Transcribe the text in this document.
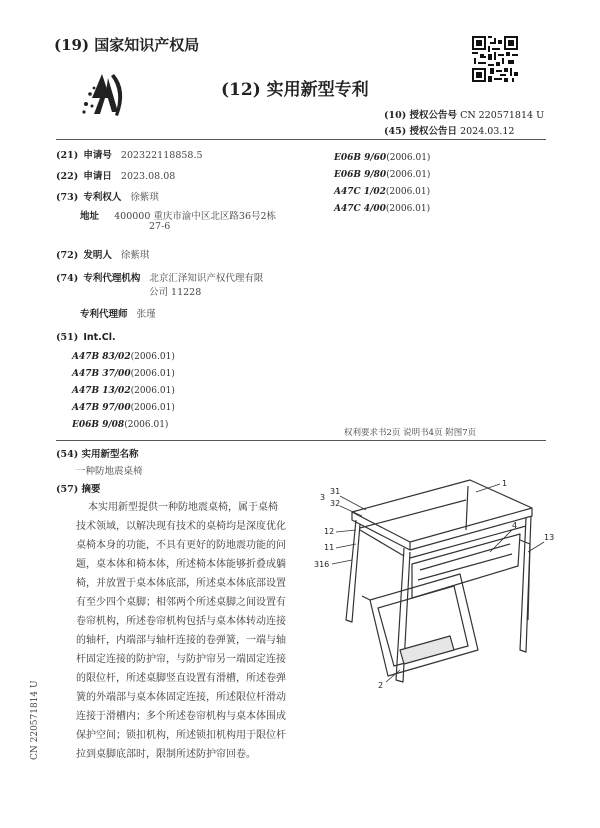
(19) 国家知识产权局
(12) 实用新型专利
(10) 授权公告号 CN 220571814 U
(45) 授权公告日 2024.03.12
(21) 申请号 202322118858.5
(22) 申请日 2023.08.08
(73) 专利权人 徐紫琪
地址 400000 重庆市渝中区北区路36号2栋
27-6
(72) 发明人 徐紫琪
(74) 专利代理机构 北京汇泽知识产权代理有限
公司 11228
专利代理师 张瑾
(51) Int.Cl.
A47B 83/02(2006.01)
A47B 37/00(2006.01)
A47B 13/02(2006.01)
A47B 97/00(2006.01)
E06B 9/08(2006.01)
E06B 9/60(2006.01)
E06B 9/80(2006.01)
A47C 1/02(2006.01)
A47C 4/00(2006.01)
权利要求书2页 说明书4页 附图7页
(54) 实用新型名称
一种防地震桌椅
(57) 摘要
本实用新型提供一种防地震桌椅，属于桌椅
技术领域，以解决现有技术的桌椅均是深度优化
桌椅本身的功能，不具有更好的防地震功能的问
题，桌本体和椅本体，所述椅本体能够折叠成躺
椅，并放置于桌本体底部，所述桌本体底部设置
有至少四个桌脚；相邻两个所述桌脚之间设置有
卷帘机构，所述卷帘机构包括与桌本体转动连接
的轴杆，内端部与轴杆连接的卷弹簧，一端与轴
杆固定连接的防护帘，与防护帘另一端固定连接
的限位杆，所述桌脚竖直设置有滑槽，所述卷弹
簧的外端部与桌本体固定连接，所述限位杆滑动
连接于滑槽内；多个所述卷帘机构与桌本体围成
保护空间；锁扣机构，所述锁扣机构用于限位杆
拉到桌脚底部时，限制所述防护帘回卷。
CN 220571814 U
31
3
32
1
12
4
11
13
316
2
